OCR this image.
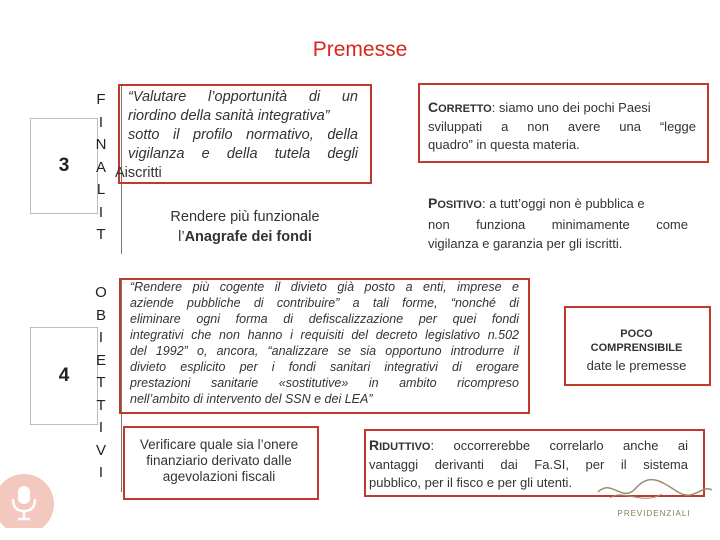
Premesse
3
F
I
N
A
L
I
T
“Valutare l’opportunità di un
riordino della sanità integrativa”
sotto il profilo normativo, della
vigilanza e della tutela degli
Aiscritti
Rendere più funzionale
l’Anagrafe dei fondi
CORRETTO: siamo uno dei pochi Paesi
sviluppati a non avere una “legge
quadro” in questa materia.
POSITIVO: a tutt’oggi non è pubblica e
non funziona minimamente come
vigilanza e garanzia per gli iscritti.
4
O
B
I
E
T
T
I
V
I
“Rendere più cogente il divieto già posto a enti, imprese e
aziende pubbliche di contribuire” a tali forme, “nonché di
eliminare ogni forma di defiscalizzazione per quei fondi
integrativi che non hanno i requisiti del decreto legislativo n.502
del 1992” o, ancora, “analizzare se sia opportuno introdurre il
divieto esplicito per i fondi sanitari integrativi di erogare
prestazioni sanitarie «sostitutive» in ambito ricompreso
nell’ambito di intervento del SSN e dei LEA”
Verificare quale sia l’onere
finanziario derivato dalle
agevolazioni fiscali
POCO
COMPRENSIBILE
date le premesse
RIDUTTIVO: occorrerebbe correlarlo anche ai
vantaggi derivanti dai Fa.SI, per il sistema
pubblico, per il fisco e per gli utenti.
PREVIDENZIALI
